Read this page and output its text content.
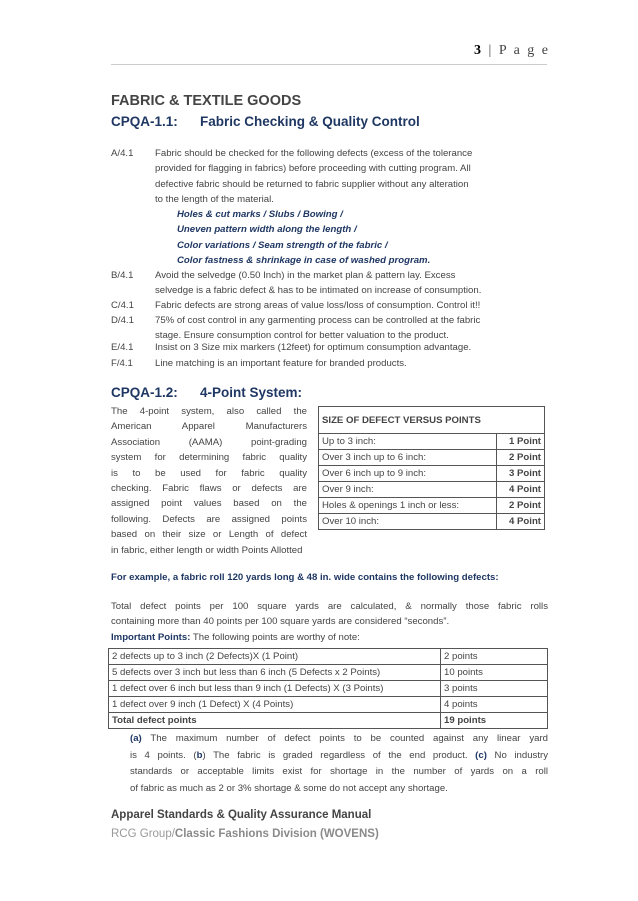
3 | P a g e
FABRIC & TEXTILE GOODS
CPQA-1.1: Fabric Checking & Quality Control
A/4.1 Fabric should be checked for the following defects (excess of the tolerance
provided for flagging in fabrics) before proceeding with cutting program. All
defective fabric should be returned to fabric supplier without any alteration
to the length of the material.
Holes & cut marks / Slubs / Bowing /
Uneven pattern width along the length /
Color variations / Seam strength of the fabric /
Color fastness & shrinkage in case of washed program.
B/4.1 Avoid the selvedge (0.50 Inch) in the market plan & pattern lay. Excess
selvedge is a fabric defect & has to be intimated on increase of consumption.
C/4.1 Fabric defects are strong areas of value loss/loss of consumption. Control it!!
D/4.1 75% of cost control in any garmenting process can be controlled at the fabric
stage. Ensure consumption control for better valuation to the product.
E/4.1 Insist on 3 Size mix markers (12feet) for optimum consumption advantage.
F/4.1 Line matching is an important feature for branded products.
CPQA-1.2: 4-Point System:
The 4-point system, also called the
American Apparel Manufacturers
Association (AAMA) point-grading
system for determining fabric quality
is to be used for fabric quality
checking. Fabric flaws or defects are
assigned point values based on the
following. Defects are assigned points
based on their size or Length of defect
in fabric, either length or width Points Allotted
SIZE OF DEFECT VERSUS POINTS	
Up to 3 inch:	1 Point
Over 3 inch up to 6 inch:	2 Point
Over 6 inch up to 9 inch:	3 Point
Over 9 inch:	4 Point
Holes & openings 1 inch or less:	2 Point
Over 10 inch:	4 Point
For example, a fabric roll 120 yards long & 48 in. wide contains the following defects:
Total defect points per 100 square yards are calculated, & normally those fabric rolls
containing more than 40 points per 100 square yards are considered “seconds”.
Important Points: The following points are worthy of note:
2 defects up to 3 inch (2 Defects)X (1 Point)	2 points
5 defects over 3 inch but less than 6 inch (5 Defects x 2 Points)	10 points
1 defect over 6 inch but less than 9 inch (1 Defects) X (3 Points)	3 points
1 defect over 9 inch (1 Defect) X (4 Points)	4 points
Total defect points	19 points
(a) The maximum number of defect points to be counted against any linear yard
is 4 points. (b) The fabric is graded regardless of the end product. (c) No industry
standards or acceptable limits exist for shortage in the number of yards on a roll
of fabric as much as 2 or 3% shortage & some do not accept any shortage.
Apparel Standards & Quality Assurance Manual
RCG Group/Classic Fashions Division (WOVENS)
